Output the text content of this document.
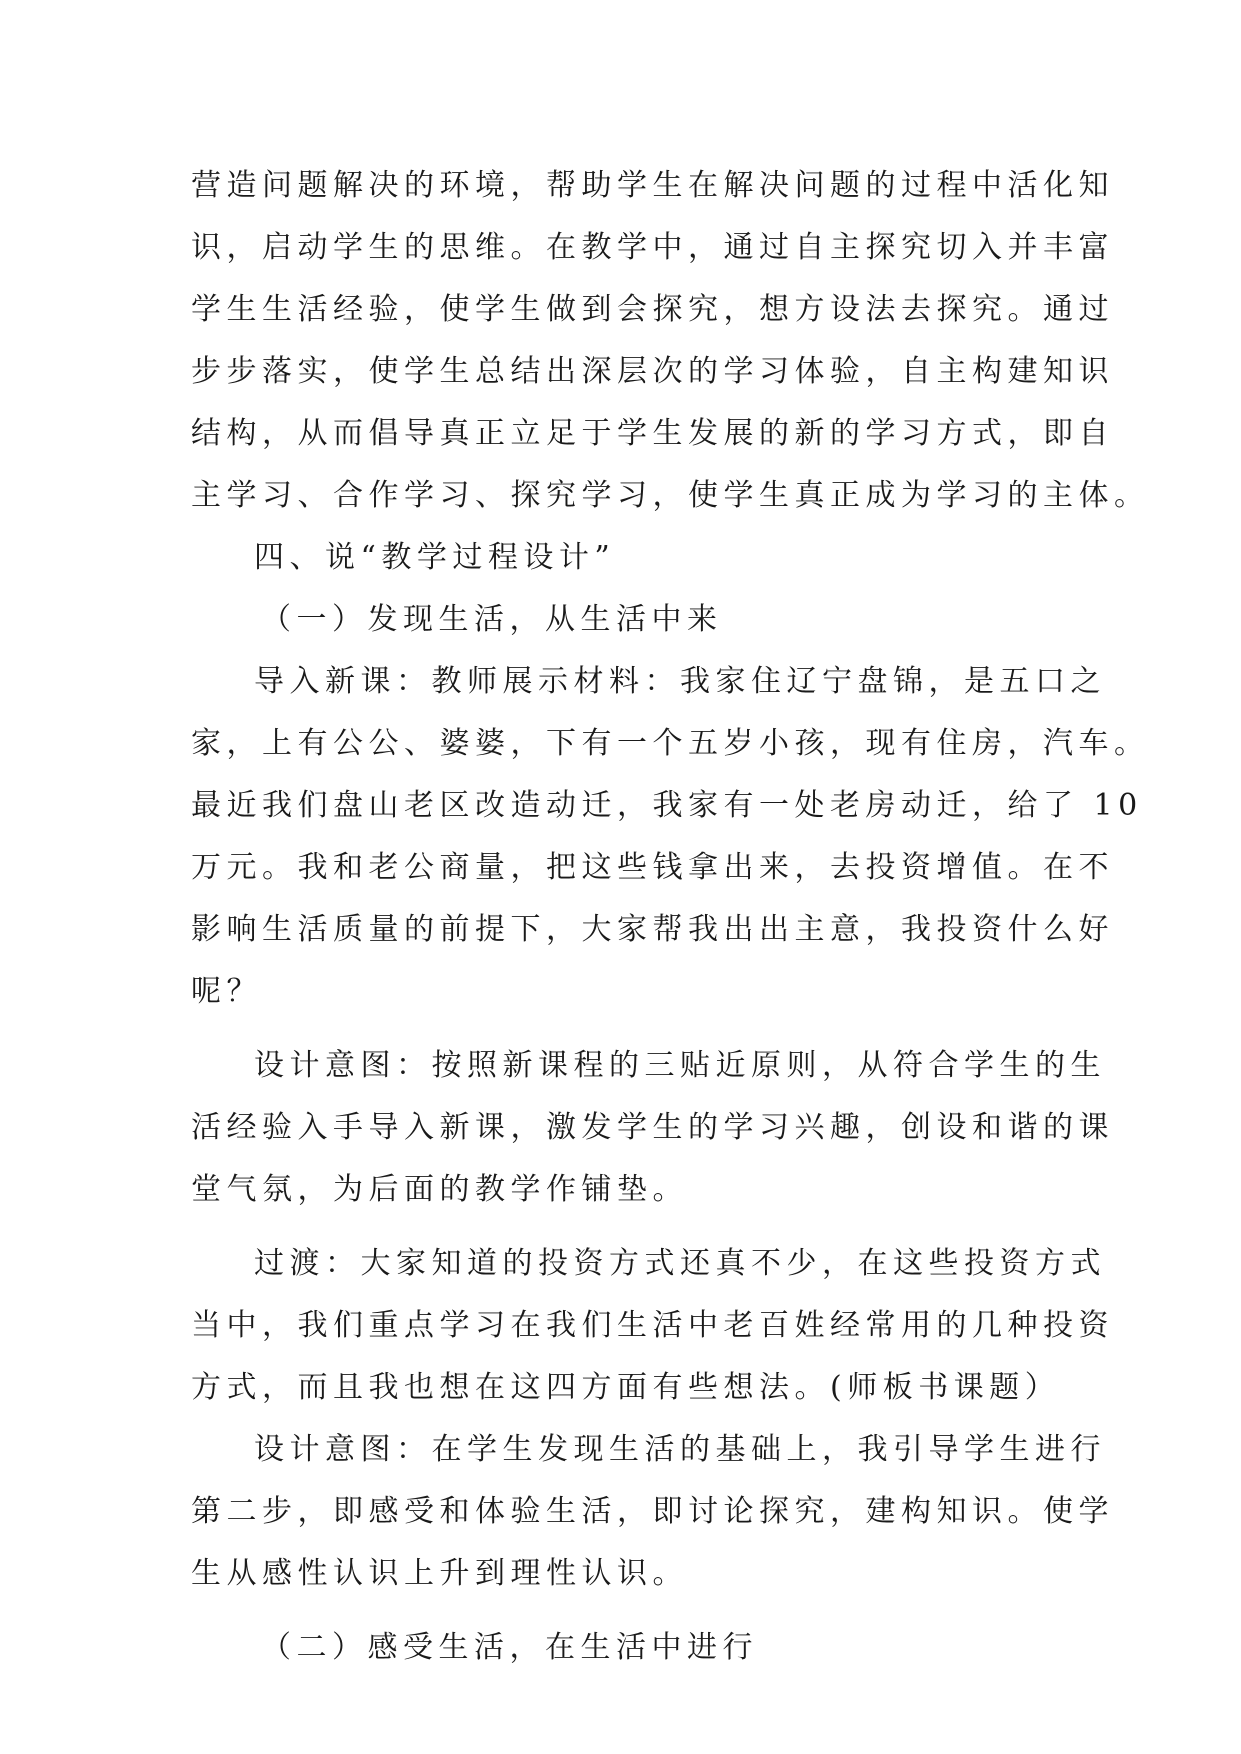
营造问题解决的环境，帮助学生在解决问题的过程中活化知
识，启动学生的思维。在教学中，通过自主探究切入并丰富
学生生活经验，使学生做到会探究，想方设法去探究。通过
步步落实，使学生总结出深层次的学习体验，自主构建知识
结构，从而倡导真正立足于学生发展的新的学习方式，即自
主学习、合作学习、探究学习，使学生真正成为学习的主体。
四、说“教学过程设计”
（一）发现生活，从生活中来
导入新课：教师展示材料：我家住辽宁盘锦，是五口之
家，上有公公、婆婆，下有一个五岁小孩，现有住房，汽车。
最近我们盘山老区改造动迁，我家有一处老房动迁，给了 10
万元。我和老公商量，把这些钱拿出来，去投资增值。在不
影响生活质量的前提下，大家帮我出出主意，我投资什么好
呢？
设计意图：按照新课程的三贴近原则，从符合学生的生
活经验入手导入新课，激发学生的学习兴趣，创设和谐的课
堂气氛，为后面的教学作铺垫。
过渡：大家知道的投资方式还真不少，在这些投资方式
当中，我们重点学习在我们生活中老百姓经常用的几种投资
方式，而且我也想在这四方面有些想法。(师板书课题）
设计意图：在学生发现生活的基础上，我引导学生进行
第二步，即感受和体验生活，即讨论探究，建构知识。使学
生从感性认识上升到理性认识。
（二）感受生活，在生活中进行
